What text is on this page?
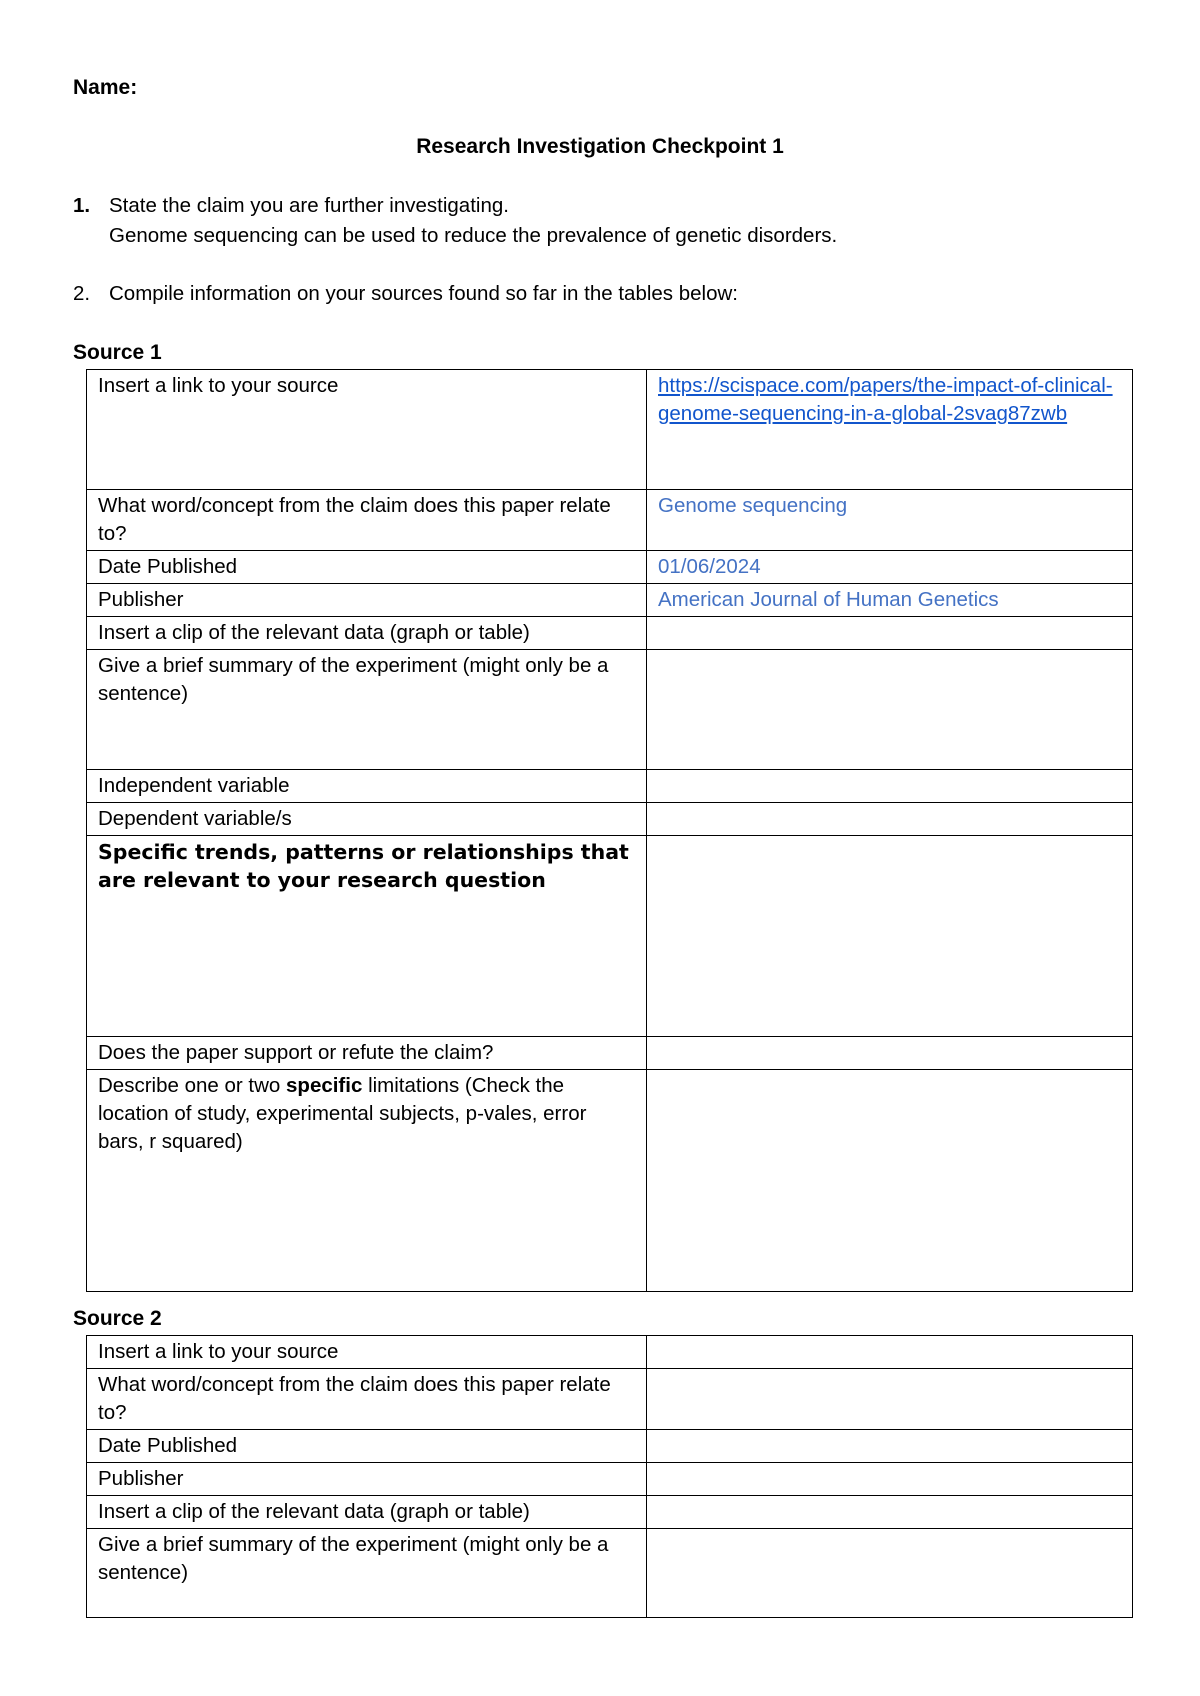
Name:
Research Investigation Checkpoint 1
1. State the claim you are further investigating.
Genome sequencing can be used to reduce the prevalence of genetic disorders.
2. Compile information on your sources found so far in the tables below:
Source 1
Insert a link to your source	https://scispace.com/papers/the-impact-of-clinical-genome-sequencing-in-a-global-2svag87zwb
What word/concept from the claim does this paper relate to?	Genome sequencing
Date Published	01/06/2024
Publisher	American Journal of Human Genetics
Insert a clip of the relevant data (graph or table)	
Give a brief summary of the experiment (might only be a sentence)	
Independent variable	
Dependent variable/s	
Specific trends, patterns or relationships that are relevant to your research question	
Does the paper support or refute the claim?	
Describe one or two specific limitations (Check the location of study, experimental subjects, p-vales, error bars, r squared)	
Source 2
Insert a link to your source	
What word/concept from the claim does this paper relate to?	
Date Published	
Publisher	
Insert a clip of the relevant data (graph or table)	
Give a brief summary of the experiment (might only be a sentence)	
